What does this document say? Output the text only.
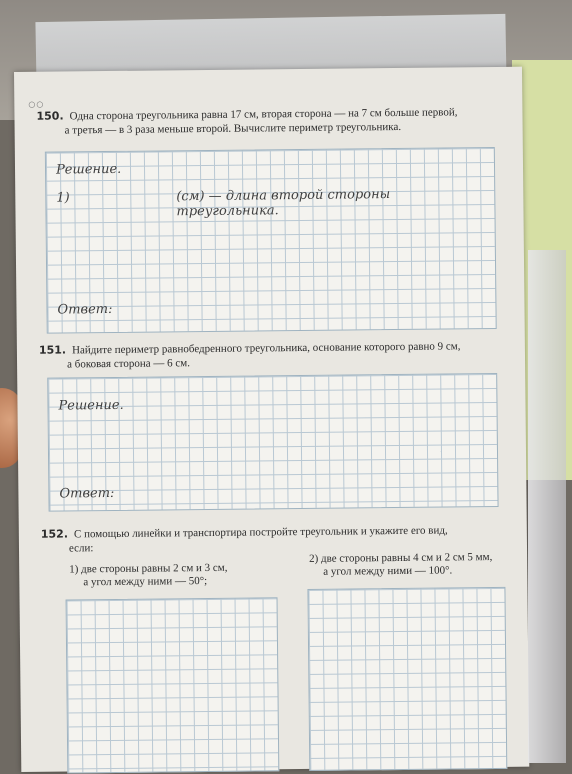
○○
150. Одна сторона треугольника равна 17 см, вторая сторона — на 7 см больше первой,
а третья — в 3 раза меньше второй. Вычислите периметр треугольника.
Решение.
1)	(см) — длина второй стороны треугольника.
Ответ:
151. Найдите периметр равнобедренного треугольника, основание которого равно 9 см,
а боковая сторона — 6 см.
Решение.
Ответ:
152. С помощью линейки и транспортира постройте треугольник и укажите его вид,
если:
1) две стороны равны 2 см и 3 см,
а угол между ними — 50°;
2) две стороны равны 4 см и 2 см 5 мм,
а угол между ними — 100°.
